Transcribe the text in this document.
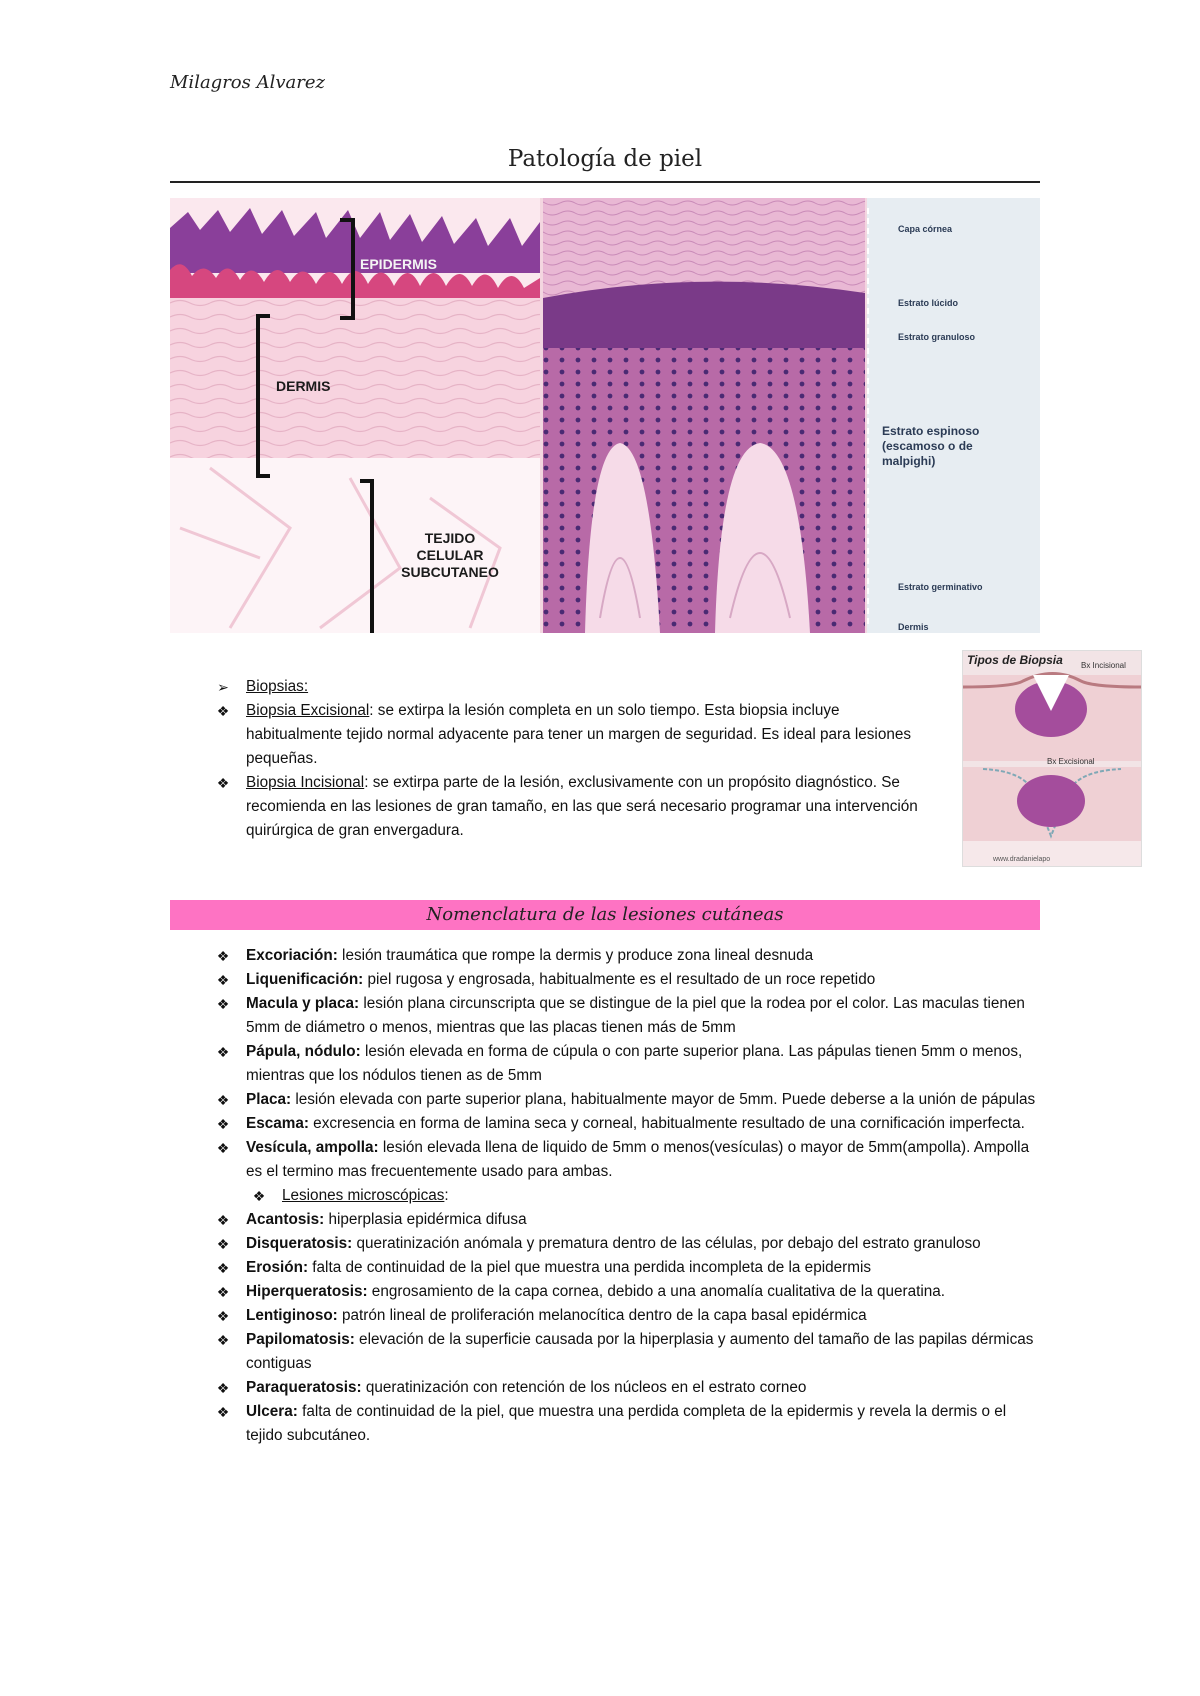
Milagros Alvarez
Patología de piel
EPIDERMIS
DERMIS
TEJIDO
CELULAR
SUBCUTANEO
Capa córnea
Estrato lúcido
Estrato granuloso
Estrato espinoso
(escamoso o de
malpighi)
Estrato germinativo
Dermis
Tipos de Biopsia Bx Incisional
Bx Excisional
www.dradanielapo
➢	Biopsias:
❖	Biopsia Excisional: se extirpa la lesión completa en un solo tiempo. Esta biopsia incluye habitualmente tejido normal adyacente para tener un margen de seguridad. Es ideal para lesiones pequeñas.
❖	Biopsia Incisional: se extirpa parte de la lesión, exclusivamente con un propósito diagnóstico. Se recomienda en las lesiones de gran tamaño, en las que será necesario programar una intervención quirúrgica de gran envergadura.
Nomenclatura de las lesiones cutáneas
❖	Excoriación: lesión traumática que rompe la dermis y produce zona lineal desnuda
❖	Liquenificación: piel rugosa y engrosada, habitualmente es el resultado de un roce repetido
❖	Macula y placa: lesión plana circunscripta que se distingue de la piel que la rodea por el color. Las maculas tienen 5mm de diámetro o menos, mientras que las placas tienen más de 5mm
❖	Pápula, nódulo: lesión elevada en forma de cúpula o con parte superior plana. Las pápulas tienen 5mm o menos, mientras que los nódulos tienen as de 5mm
❖	Placa: lesión elevada con parte superior plana, habitualmente mayor de 5mm. Puede deberse a la unión de pápulas
❖	Escama: excresencia en forma de lamina seca y corneal, habitualmente resultado de una cornificación imperfecta.
❖	Vesícula, ampolla: lesión elevada llena de liquido de 5mm o menos(vesículas) o mayor de 5mm(ampolla). Ampolla es el termino mas frecuentemente usado para ambas.
❖	Lesiones microscópicas:
❖	Acantosis: hiperplasia epidérmica difusa
❖	Disqueratosis: queratinización anómala y prematura dentro de las células, por debajo del estrato granuloso
❖	Erosión: falta de continuidad de la piel que muestra una perdida incompleta de la epidermis
❖	Hiperqueratosis: engrosamiento de la capa cornea, debido a una anomalía cualitativa de la queratina.
❖	Lentiginoso: patrón lineal de proliferación melanocítica dentro de la capa basal epidérmica
❖	Papilomatosis: elevación de la superficie causada por la hiperplasia y aumento del tamaño de las papilas dérmicas contiguas
❖	Paraqueratosis: queratinización con retención de los núcleos en el estrato corneo
❖	Ulcera: falta de continuidad de la piel, que muestra una perdida completa de la epidermis y revela la dermis o el tejido subcutáneo.
